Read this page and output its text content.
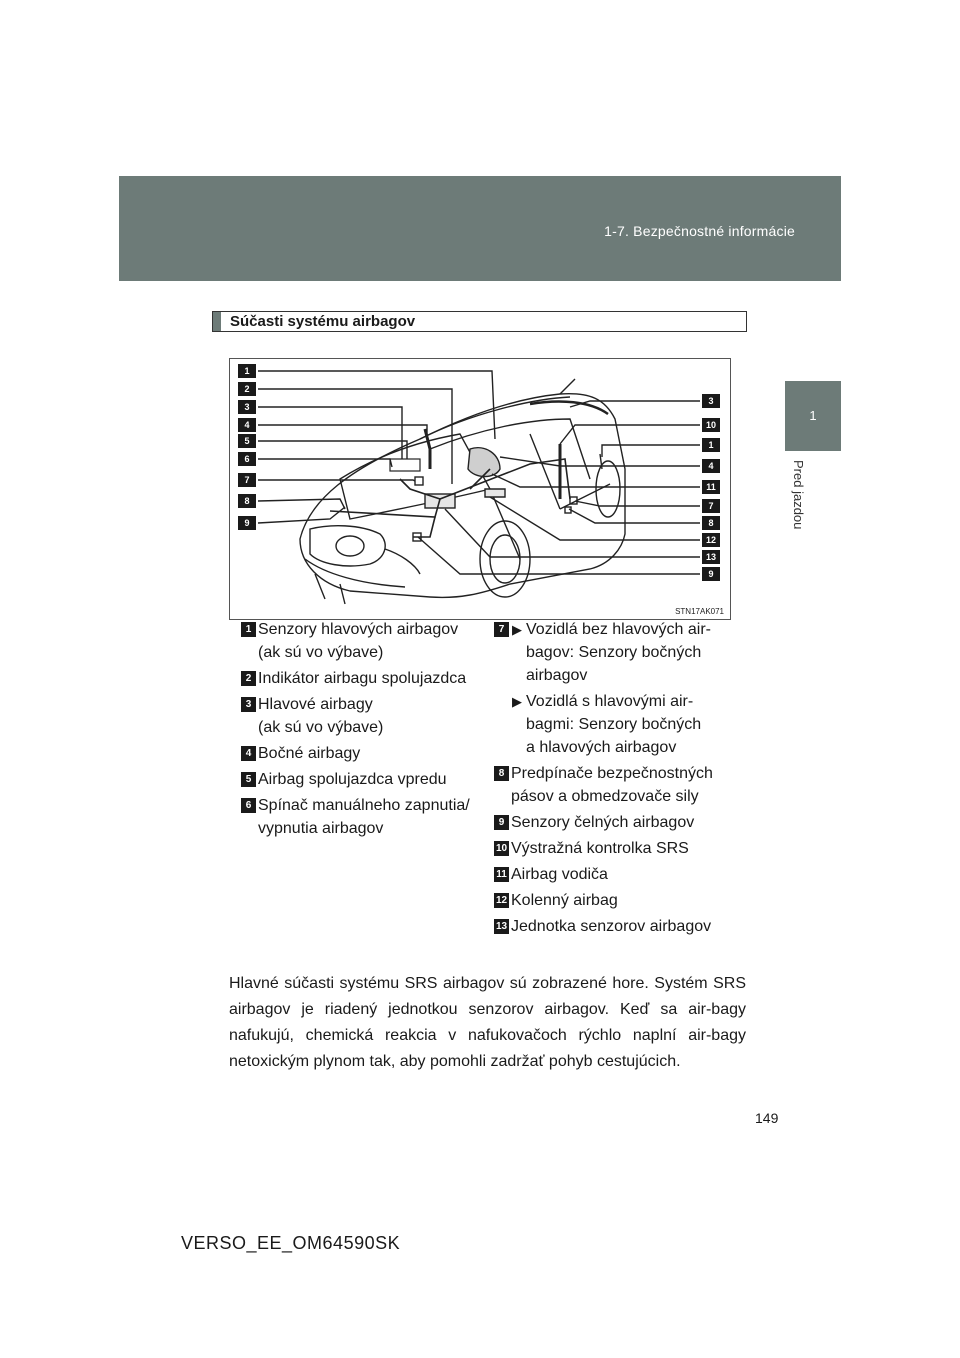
1-7. Bezpečnostné informácie
1
Pred jazdou
Súčasti systému airbagov
1
2
3
4
5
6
7
8
9
3
10
1
4
11
7
8
12
13
9
STN17AK071
1 Senzory hlavových airbagov
(ak sú vo výbave)
2 Indikátor airbagu spolujazdca
3 Hlavové airbagy
(ak sú vo výbave)
4 Bočné airbagy
5 Airbag spolujazdca vpredu
6 Spínač manuálneho zapnutia/
vypnutia airbagov
7 ▶ Vozidlá bez hlavových air-
bagov: Senzory bočných
airbagov
▶ Vozidlá s hlavovými air-
bagmi: Senzory bočných
a hlavových airbagov
8 Predpínače bezpečnostných
pásov a obmedzovače sily
9 Senzory čelných airbagov
10 Výstražná kontrolka SRS
11 Airbag vodiča
12 Kolenný airbag
13 Jednotka senzorov airbagov

Hlavné súčasti systému SRS airbagov sú zobrazené hore. Systém SRS airbagov je riadený jednotkou senzorov airbagov. Keď sa air-bagy nafukujú, chemická reakcia v nafukovačoch rýchlo naplní air-bagy netoxickým plynom tak, aby pomohli zadržať pohyb cestujúcich.

149
VERSO_EE_OM64590SK
